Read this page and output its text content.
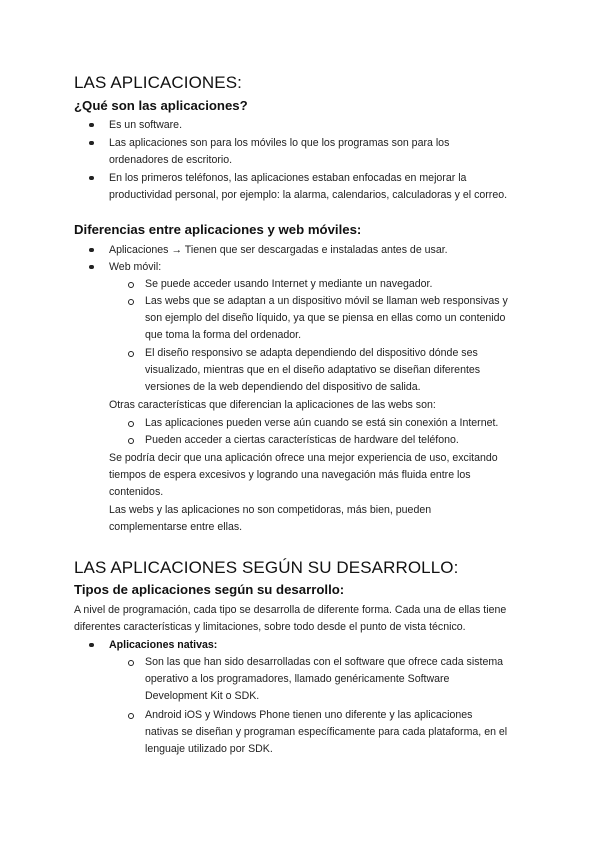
LAS APLICACIONES:
¿Qué son las aplicaciones?
Es un software.
Las aplicaciones son para los móviles lo que los programas son para los
ordenadores de escritorio.
En los primeros teléfonos, las aplicaciones estaban enfocadas en mejorar la
productividad personal, por ejemplo: la alarma, calendarios, calculadoras y el correo.
Diferencias entre aplicaciones y web móviles:
Aplicaciones → Tienen que ser descargadas e instaladas antes de usar.
Web móvil:
Se puede acceder usando Internet y mediante un navegador.
Las webs que se adaptan a un dispositivo móvil se llaman web responsivas y
son ejemplo del diseño líquido, ya que se piensa en ellas como un contenido
que toma la forma del ordenador.
El diseño responsivo se adapta dependiendo del dispositivo dónde ses
visualizado, mientras que en el diseño adaptativo se diseñan diferentes
versiones de la web dependiendo del dispositivo de salida.
Otras características que diferencian la aplicaciones de las webs son:
Las aplicaciones pueden verse aún cuando se está sin conexión a Internet.
Pueden acceder a ciertas características de hardware del teléfono.
Se podría decir que una aplicación ofrece una mejor experiencia de uso, excitando
tiempos de espera excesivos y logrando una navegación más fluida entre los
contenidos.
Las webs y las aplicaciones no son competidoras, más bien, pueden
complementarse entre ellas.
LAS APLICACIONES SEGÚN SU DESARROLLO:
Tipos de aplicaciones según su desarrollo:
A nivel de programación, cada tipo se desarrolla de diferente forma. Cada una de ellas tiene
diferentes características y limitaciones, sobre todo desde el punto de vista técnico.
Aplicaciones nativas:
Son las que han sido desarrolladas con el software que ofrece cada sistema
operativo a los programadores, llamado genéricamente Software
Development Kit o SDK.
Android iOS y Windows Phone tienen uno diferente y las aplicaciones
nativas se diseñan y programan específicamente para cada plataforma, en el
lenguaje utilizado por SDK.
